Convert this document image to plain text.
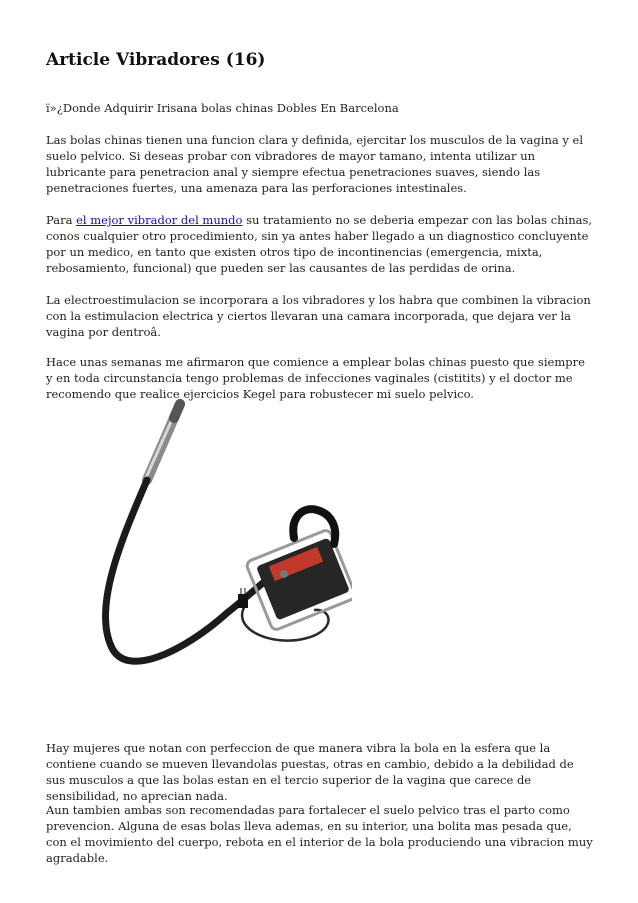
Article Vibradores (16)

ï»¿Donde Adquirir Irisana bolas chinas Dobles En Barcelona

Las bolas chinas tienen una funcion clara y definida, ejercitar los musculos de la vagina y el suelo pelvico. Si deseas probar con vibradores de mayor tamano, intenta utilizar un lubricante para penetracion anal y siempre efectua penetraciones suaves, siendo las penetraciones fuertes, una amenaza para las perforaciones intestinales.

Para el mejor vibrador del mundo su tratamiento no se deberia empezar con las bolas chinas, conos cualquier otro procedimiento, sin ya antes haber llegado a un diagnostico concluyente por un medico, en tanto que existen otros tipo de incontinencias (emergencia, mixta, rebosamiento, funcional) que pueden ser las causantes de las perdidas de orina.

La electroestimulacion se incorporara a los vibradores y los habra que combinen la vibracion con la estimulacion electrica y ciertos llevaran una camara incorporada, que dejara ver la vagina por dentroâ.

Hace unas semanas me afirmaron que comience a emplear bolas chinas puesto que siempre y en toda circunstancia tengo problemas de infecciones vaginales (cistitits) y el doctor me recomendo que realice ejercicios Kegel para robustecer mi suelo pelvico.

Hay mujeres que notan con perfeccion de que manera vibra la bola en la esfera que la contiene cuando se mueven llevandolas puestas, otras en cambio, debido a la debilidad de sus musculos a que las bolas estan en el tercio superior de la vagina que carece de sensibilidad, no aprecian nada.

Aun tambien ambas son recomendadas para fortalecer el suelo pelvico tras el parto como prevencion. Alguna de esas bolas lleva ademas, en su interior, una bolita mas pesada que, con el movimiento del cuerpo, rebota en el interior de la bola produciendo una vibracion muy agradable.
